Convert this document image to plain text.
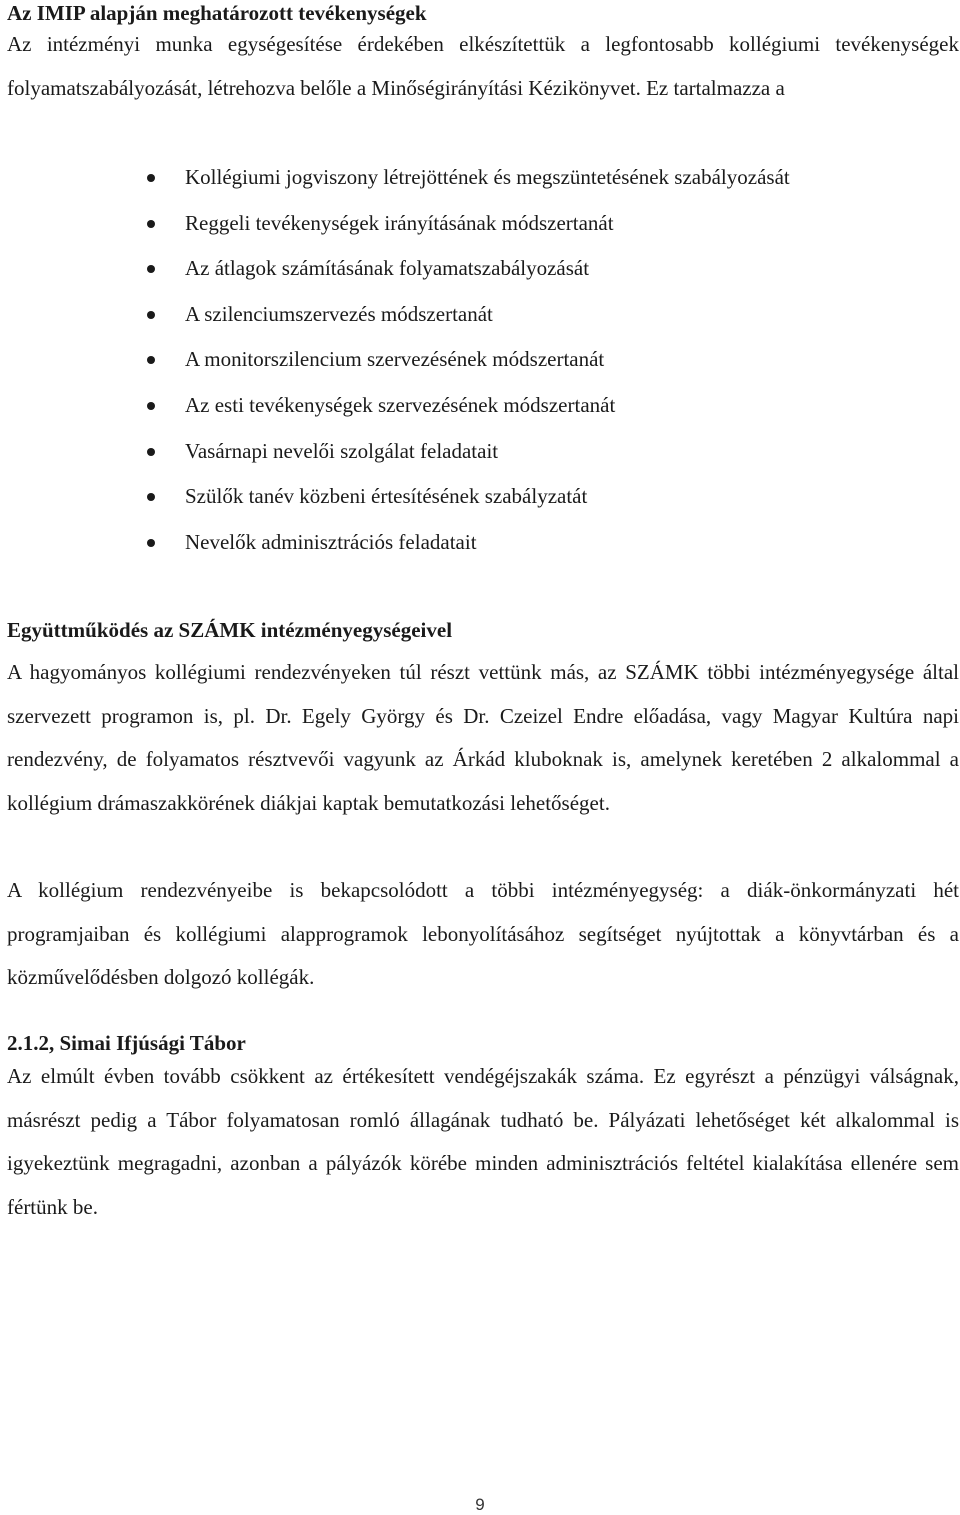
Az IMIP alapján meghatározott tevékenységek

Az intézményi munka egységesítése érdekében elkészítettük a legfontosabb kollégiumi tevékenységek folyamatszabályozását, létrehozva belőle a Minőségirányítási Kézikönyvet. Ez tartalmazza a

Kollégiumi jogviszony létrejöttének és megszüntetésének szabályozását
Reggeli tevékenységek irányításának módszertanát
Az átlagok számításának folyamatszabályozását
A szilenciumszervezés módszertanát
A monitorszilencium szervezésének módszertanát
Az esti tevékenységek szervezésének módszertanát
Vasárnapi nevelői szolgálat feladatait
Szülők tanév közbeni értesítésének szabályzatát
Nevelők adminisztrációs feladatait
Együttműködés az SZÁMK intézményegységeivel

A hagyományos kollégiumi rendezvényeken túl részt vettünk más, az SZÁMK többi intézményegysége által szervezett programon is, pl. Dr. Egely György és Dr. Czeizel Endre előadása, vagy Magyar Kultúra napi rendezvény, de folyamatos résztvevői vagyunk az Árkád kluboknak is, amelynek keretében 2 alkalommal a kollégium drámaszakkörének diákjai kaptak bemutatkozási lehetőséget.

A kollégium rendezvényeibe is bekapcsolódott a többi intézményegység: a diák-önkormányzati hét programjaiban és kollégiumi alapprogramok lebonyolításához segítséget nyújtottak a könyvtárban és a közművelődésben dolgozó kollégák.

2.1.2, Simai Ifjúsági Tábor

Az elmúlt évben tovább csökkent az értékesített vendégéjszakák száma. Ez egyrészt a pénzügyi válságnak, másrészt pedig a Tábor folyamatosan romló állagának tudható be. Pályázati lehetőséget két alkalommal is igyekeztünk megragadni, azonban a pályázók körébe minden adminisztrációs feltétel kialakítása ellenére sem fértünk be.

9
